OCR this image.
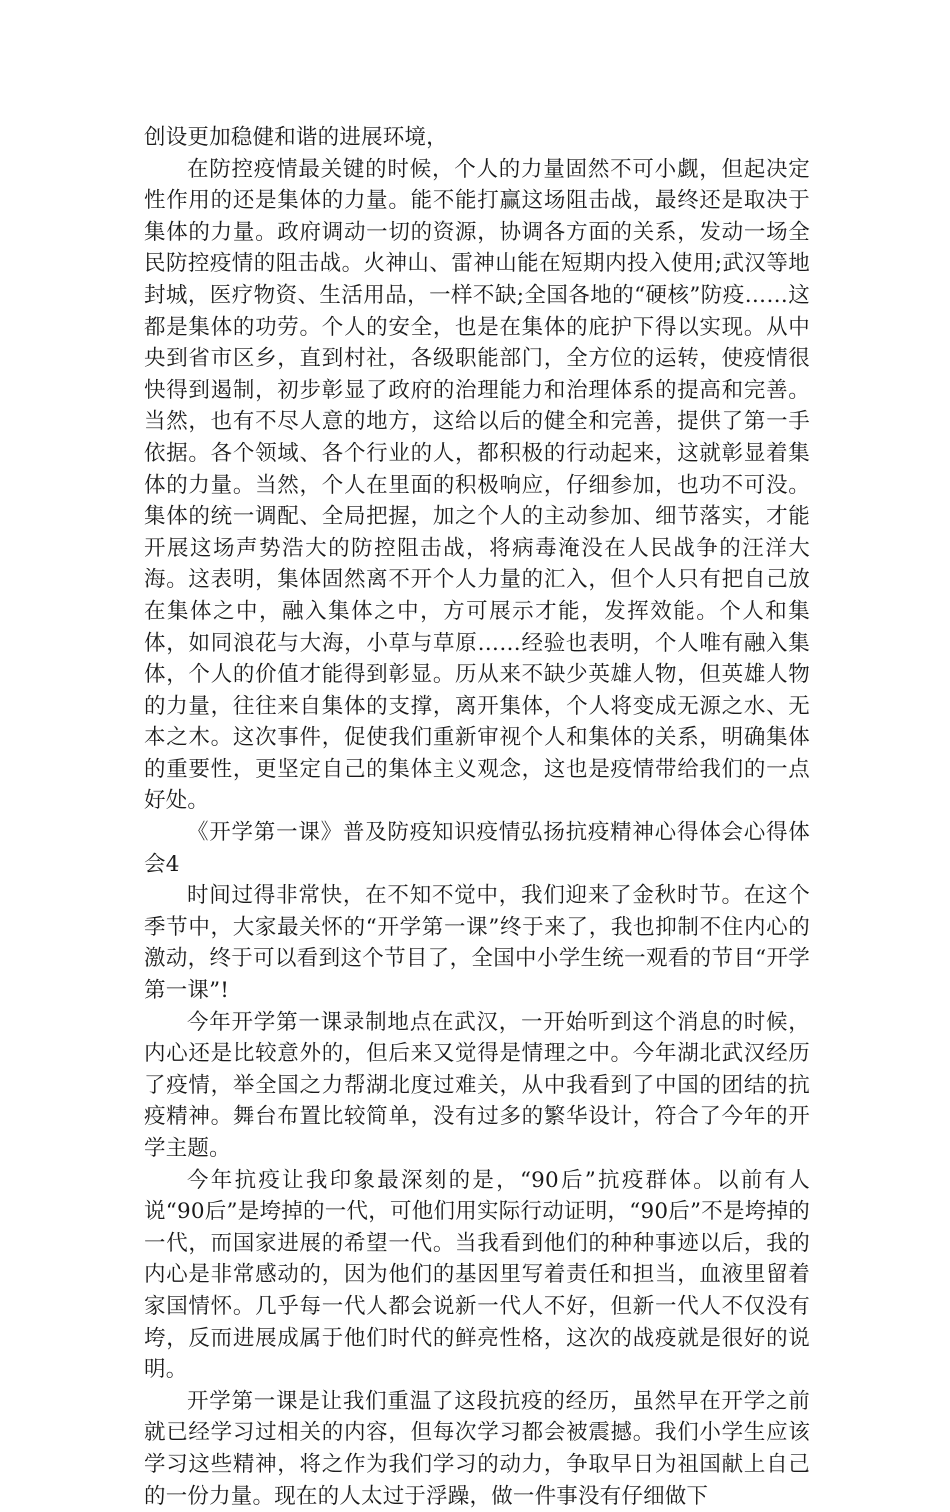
创设更加稳健和谐的进展环境，

在防控疫情最关键的时候，个人的力量固然不可小觑，但起决定性作用的还是集体的力量。能不能打赢这场阻击战，最终还是取决于集体的力量。政府调动一切的资源，协调各方面的关系，发动一场全民防控疫情的阻击战。火神山、雷神山能在短期内投入使用;武汉等地封城，医疗物资、生活用品，一样不缺;全国各地的“硬核”防疫……这都是集体的功劳。个人的安全，也是在集体的庇护下得以实现。从中央到省市区乡，直到村社，各级职能部门，全方位的运转，使疫情很快得到遏制，初步彰显了政府的治理能力和治理体系的提高和完善。当然，也有不尽人意的地方，这给以后的健全和完善，提供了第一手依据。各个领域、各个行业的人，都积极的行动起来，这就彰显着集体的力量。当然，个人在里面的积极响应，仔细参加，也功不可没。集体的统一调配、全局把握，加之个人的主动参加、细节落实，才能开展这场声势浩大的防控阻击战，将病毒淹没在人民战争的汪洋大海。这表明，集体固然离不开个人力量的汇入，但个人只有把自己放在集体之中，融入集体之中，方可展示才能，发挥效能。个人和集体，如同浪花与大海，小草与草原……经验也表明，个人唯有融入集体，个人的价值才能得到彰显。历从来不缺少英雄人物，但英雄人物的力量，往往来自集体的支撑，离开集体，个人将变成无源之水、无本之木。这次事件，促使我们重新审视个人和集体的关系，明确集体的重要性，更坚定自己的集体主义观念，这也是疫情带给我们的一点好处。

《开学第一课》普及防疫知识疫情弘扬抗疫精神心得体会心得体会4

时间过得非常快，在不知不觉中，我们迎来了金秋时节。在这个季节中，大家最关怀的“开学第一课”终于来了，我也抑制不住内心的激动，终于可以看到这个节目了，全国中小学生统一观看的节目“开学第一课”!

今年开学第一课录制地点在武汉，一开始听到这个消息的时候，内心还是比较意外的，但后来又觉得是情理之中。今年湖北武汉经历了疫情，举全国之力帮湖北度过难关，从中我看到了中国的团结的抗疫精神。舞台布置比较简单，没有过多的繁华设计，符合了今年的开学主题。

今年抗疫让我印象最深刻的是，“90后”抗疫群体。以前有人说“90后”是垮掉的一代，可他们用实际行动证明，“90后”不是垮掉的一代，而国家进展的希望一代。当我看到他们的种种事迹以后，我的内心是非常感动的，因为他们的基因里写着责任和担当，血液里留着家国情怀。几乎每一代人都会说新一代人不好，但新一代人不仅没有垮，反而进展成属于他们时代的鲜亮性格，这次的战疫就是很好的说明。

开学第一课是让我们重温了这段抗疫的经历，虽然早在开学之前就已经学习过相关的内容，但每次学习都会被震撼。我们小学生应该学习这些精神，将之作为我们学习的动力，争取早日为祖国献上自己的一份力量。现在的人太过于浮躁，做一件事没有仔细做下
